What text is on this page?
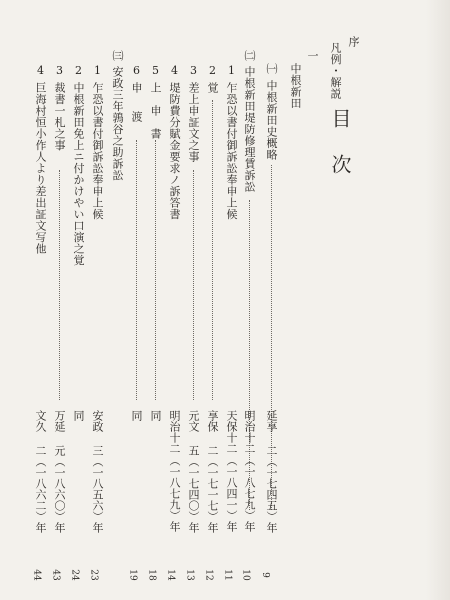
目次
序
凡例・解説
一
中根新田
㈠
中根新田史概略
延享
二（一七四五）年
9
㈡
中根新田堤防修理賃訴訟
明治十二
（一八七九）年
10
1
乍恐以書付御訴訟奉申上候
天保十二
（一八四一）年
11
2
覚
享保
二（一七一七）年
12
3
差上申証文之事
元文
五（一七四〇）年
13
4
堤防費分賦金要求ノ訴答書
明治十二
（一八七九）年
14
5
上申書
同
18
6
申渡
同
19
㈢
安政三年鶉谷之助訴訟
1
乍恐以書付御訴訟奉申上候
安政
三（一八五六）年
23
2
中根新田免上ニ付かけやい口演之覚
同
24
3
裁書一札之事
万延
元（一八六〇）年
43
4
巨海村恒小作人より差出証文写他
文久
二（一八六二）年
44
